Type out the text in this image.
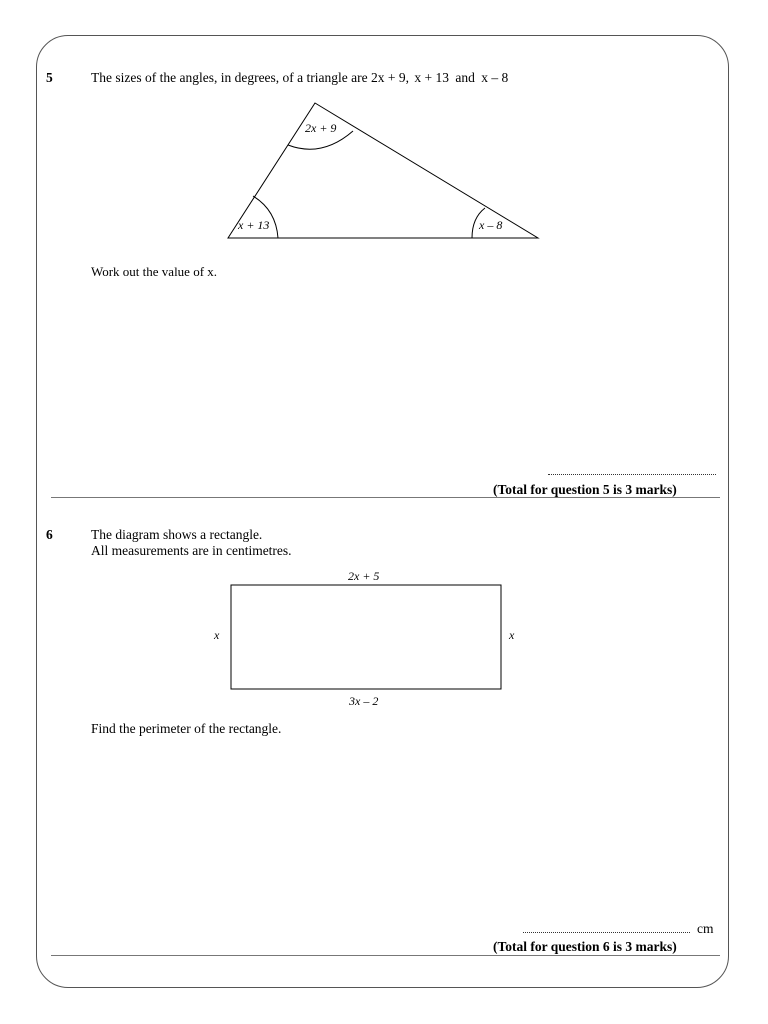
5	The sizes of the angles, in degrees, of a triangle are 2x + 9, x + 13 and x – 8
2x + 9
x + 13	x – 8
Work out the value of x.
(Total for question 5 is 3 marks)
6	The diagram shows a rectangle.
All measurements are in centimetres.
2x + 5
3x – 2
x	x
Find the perimeter of the rectangle.
cm
(Total for question 6 is 3 marks)
